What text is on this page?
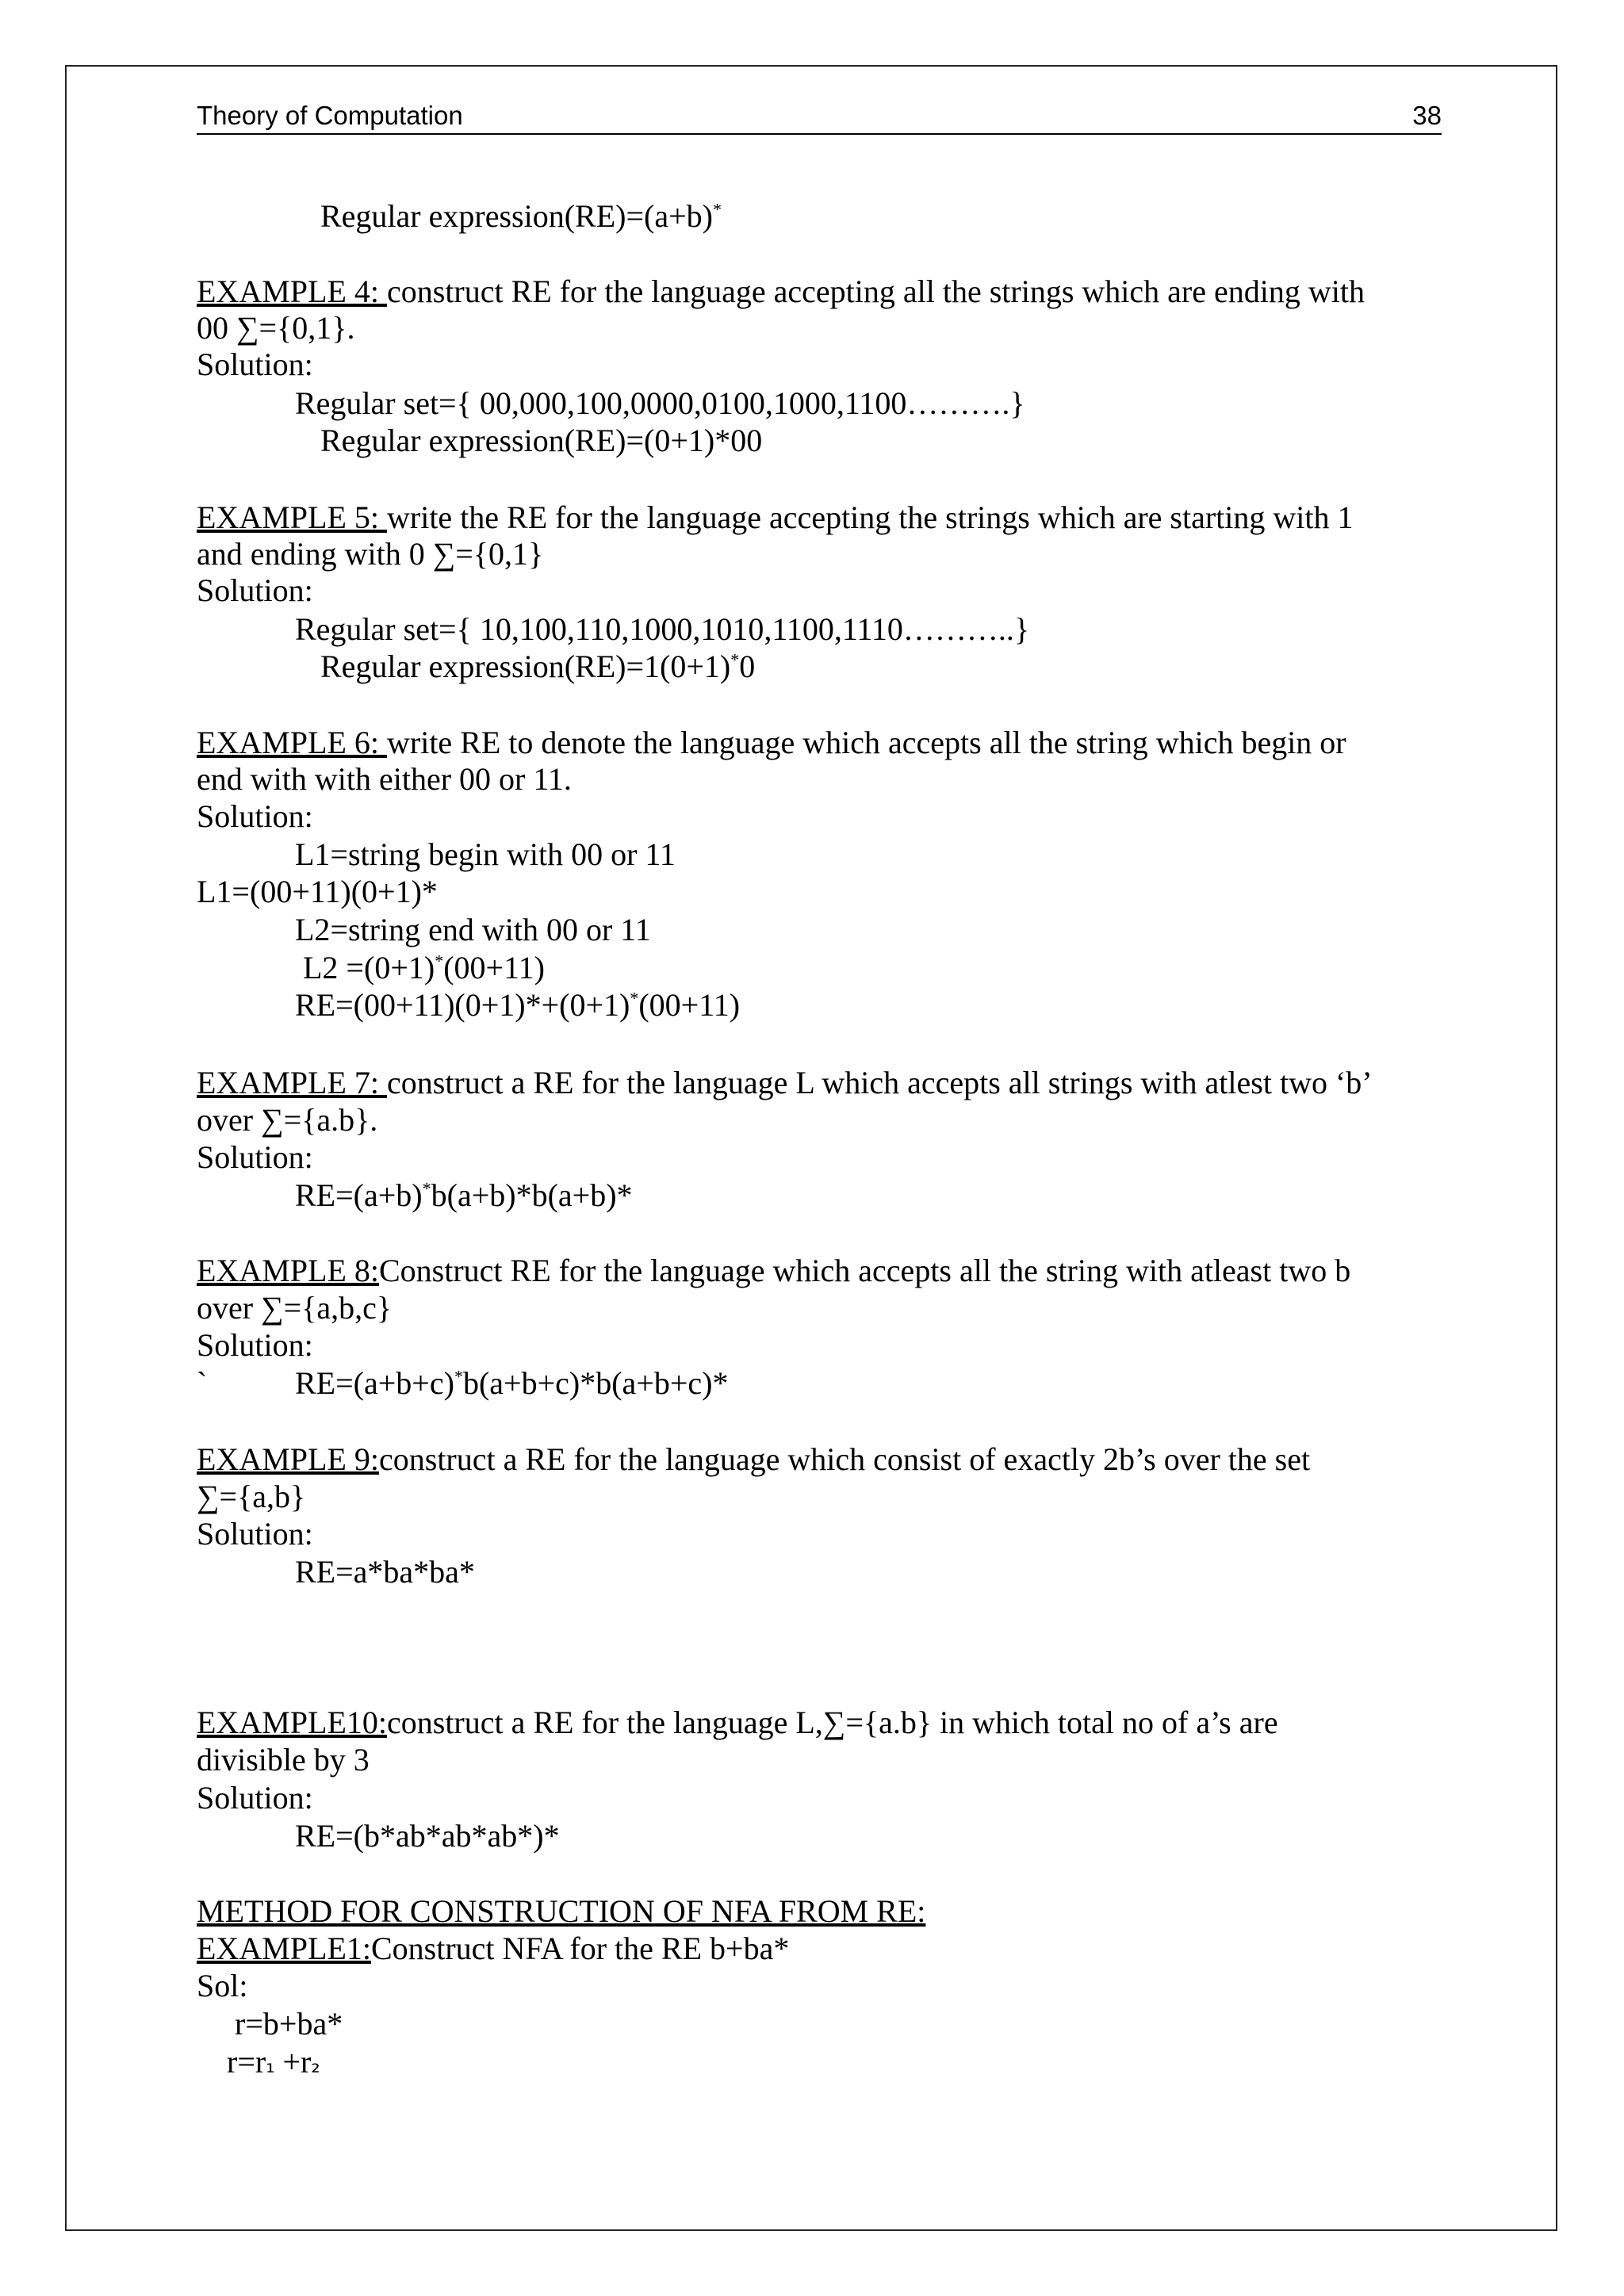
Theory of Computation	38
Regular expression(RE)=(a+b)*
EXAMPLE 4: construct RE for the language accepting all the strings which are ending with
00 ∑={0,1}.
Solution:
Regular set={ 00,000,100,0000,0100,1000,1100……….}
Regular expression(RE)=(0+1)*00
EXAMPLE 5: write the RE for the language accepting the strings which are starting with 1
and ending with 0 ∑={0,1}
Solution:
Regular set={ 10,100,110,1000,1010,1100,1110………..}
Regular expression(RE)=1(0+1)*0
EXAMPLE 6: write RE to denote the language which accepts all the string which begin or
end with with either 00 or 11.
Solution:
L1=string begin with 00 or 11
L1=(00+11)(0+1)*
L2=string end with 00 or 11
L2 =(0+1)*(00+11)
RE=(00+11)(0+1)*+(0+1)*(00+11)
EXAMPLE 7: construct a RE for the language L which accepts all strings with atlest two ‘b’
over ∑={a.b}.
Solution:
RE=(a+b)*b(a+b)*b(a+b)*
EXAMPLE 8:Construct RE for the language which accepts all the string with atleast two b
over ∑={a,b,c}
Solution:
`	RE=(a+b+c)*b(a+b+c)*b(a+b+c)*
EXAMPLE 9:construct a RE for the language which consist of exactly 2b’s over the set
∑={a,b}
Solution:
RE=a*ba*ba*
EXAMPLE10:construct a RE for the language L,∑={a.b} in which total no of a’s are
divisible by 3
Solution:
RE=(b*ab*ab*ab*)*
METHOD FOR CONSTRUCTION OF NFA FROM RE:
EXAMPLE1:Construct NFA for the RE b+ba*
Sol:
r=b+ba*
r=r₁ +r₂
